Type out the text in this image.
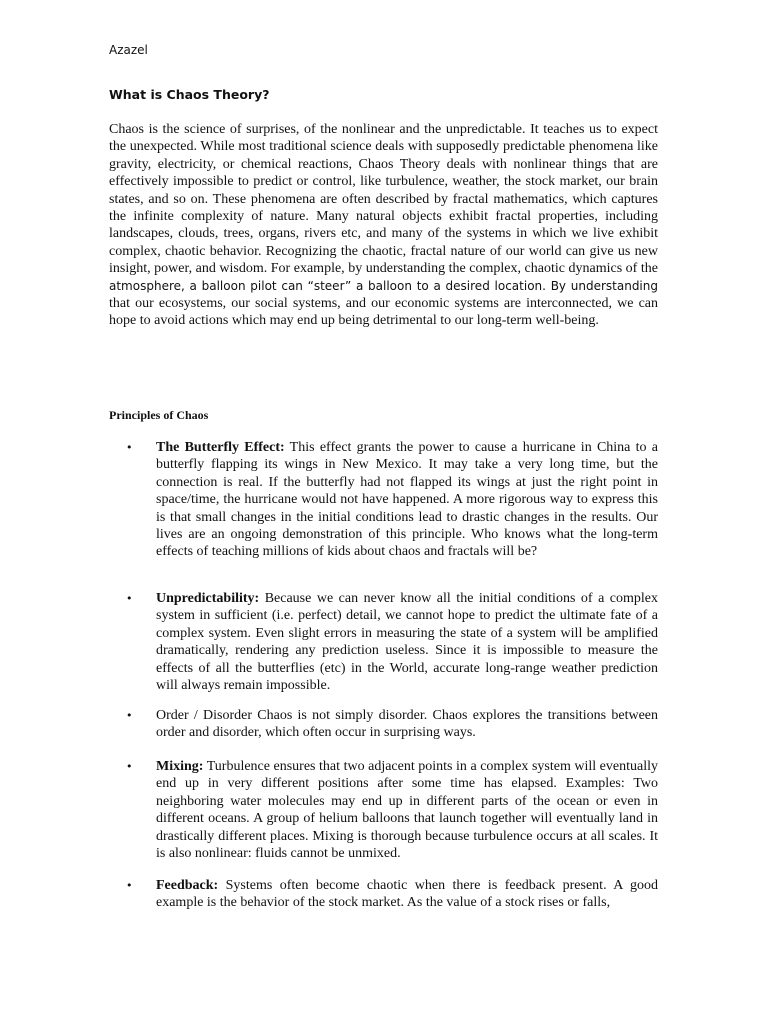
Azazel
What is Chaos Theory?

Chaos is the science of surprises, of the nonlinear and the unpredictable. It teaches us to expect the unexpected. While most traditional science deals with supposedly predictable phenomena like gravity, electricity, or chemical reactions, Chaos Theory deals with nonlinear things that are effectively impossible to predict or control, like turbulence, weather, the stock market, our brain states, and so on. These phenomena are often described by fractal mathematics, which captures the infinite complexity of nature. Many natural objects exhibit fractal properties, including landscapes, clouds, trees, organs, rivers etc, and many of the systems in which we live exhibit complex, chaotic behavior. Recognizing the chaotic, fractal nature of our world can give us new insight, power, and wisdom. For example, by understanding the complex, chaotic dynamics of the atmosphere, a balloon pilot can “steer” a balloon to a desired location. By understanding that our ecosystems, our social systems, and our economic systems are interconnected, we can hope to avoid actions which may end up being detrimental to our long-term well-being.

Principles of Chaos
• The Butterfly Effect: This effect grants the power to cause a hurricane in China to a butterfly flapping its wings in New Mexico. It may take a very long time, but the connection is real. If the butterfly had not flapped its wings at just the right point in space/time, the hurricane would not have happened. A more rigorous way to express this is that small changes in the initial conditions lead to drastic changes in the results. Our lives are an ongoing demonstration of this principle. Who knows what the long-term effects of teaching millions of kids about chaos and fractals will be?

• Unpredictability: Because we can never know all the initial conditions of a complex system in sufficient (i.e. perfect) detail, we cannot hope to predict the ultimate fate of a complex system. Even slight errors in measuring the state of a system will be amplified dramatically, rendering any prediction useless. Since it is impossible to measure the effects of all the butterflies (etc) in the World, accurate long-range weather prediction will always remain impossible.

• Order / Disorder Chaos is not simply disorder. Chaos explores the transitions between order and disorder, which often occur in surprising ways.

• Mixing: Turbulence ensures that two adjacent points in a complex system will eventually end up in very different positions after some time has elapsed. Examples: Two neighboring water molecules may end up in different parts of the ocean or even in different oceans. A group of helium balloons that launch together will eventually land in drastically different places. Mixing is thorough because turbulence occurs at all scales. It is also nonlinear: fluids cannot be unmixed.

• Feedback: Systems often become chaotic when there is feedback present. A good example is the behavior of the stock market. As the value of a stock rises or falls,
